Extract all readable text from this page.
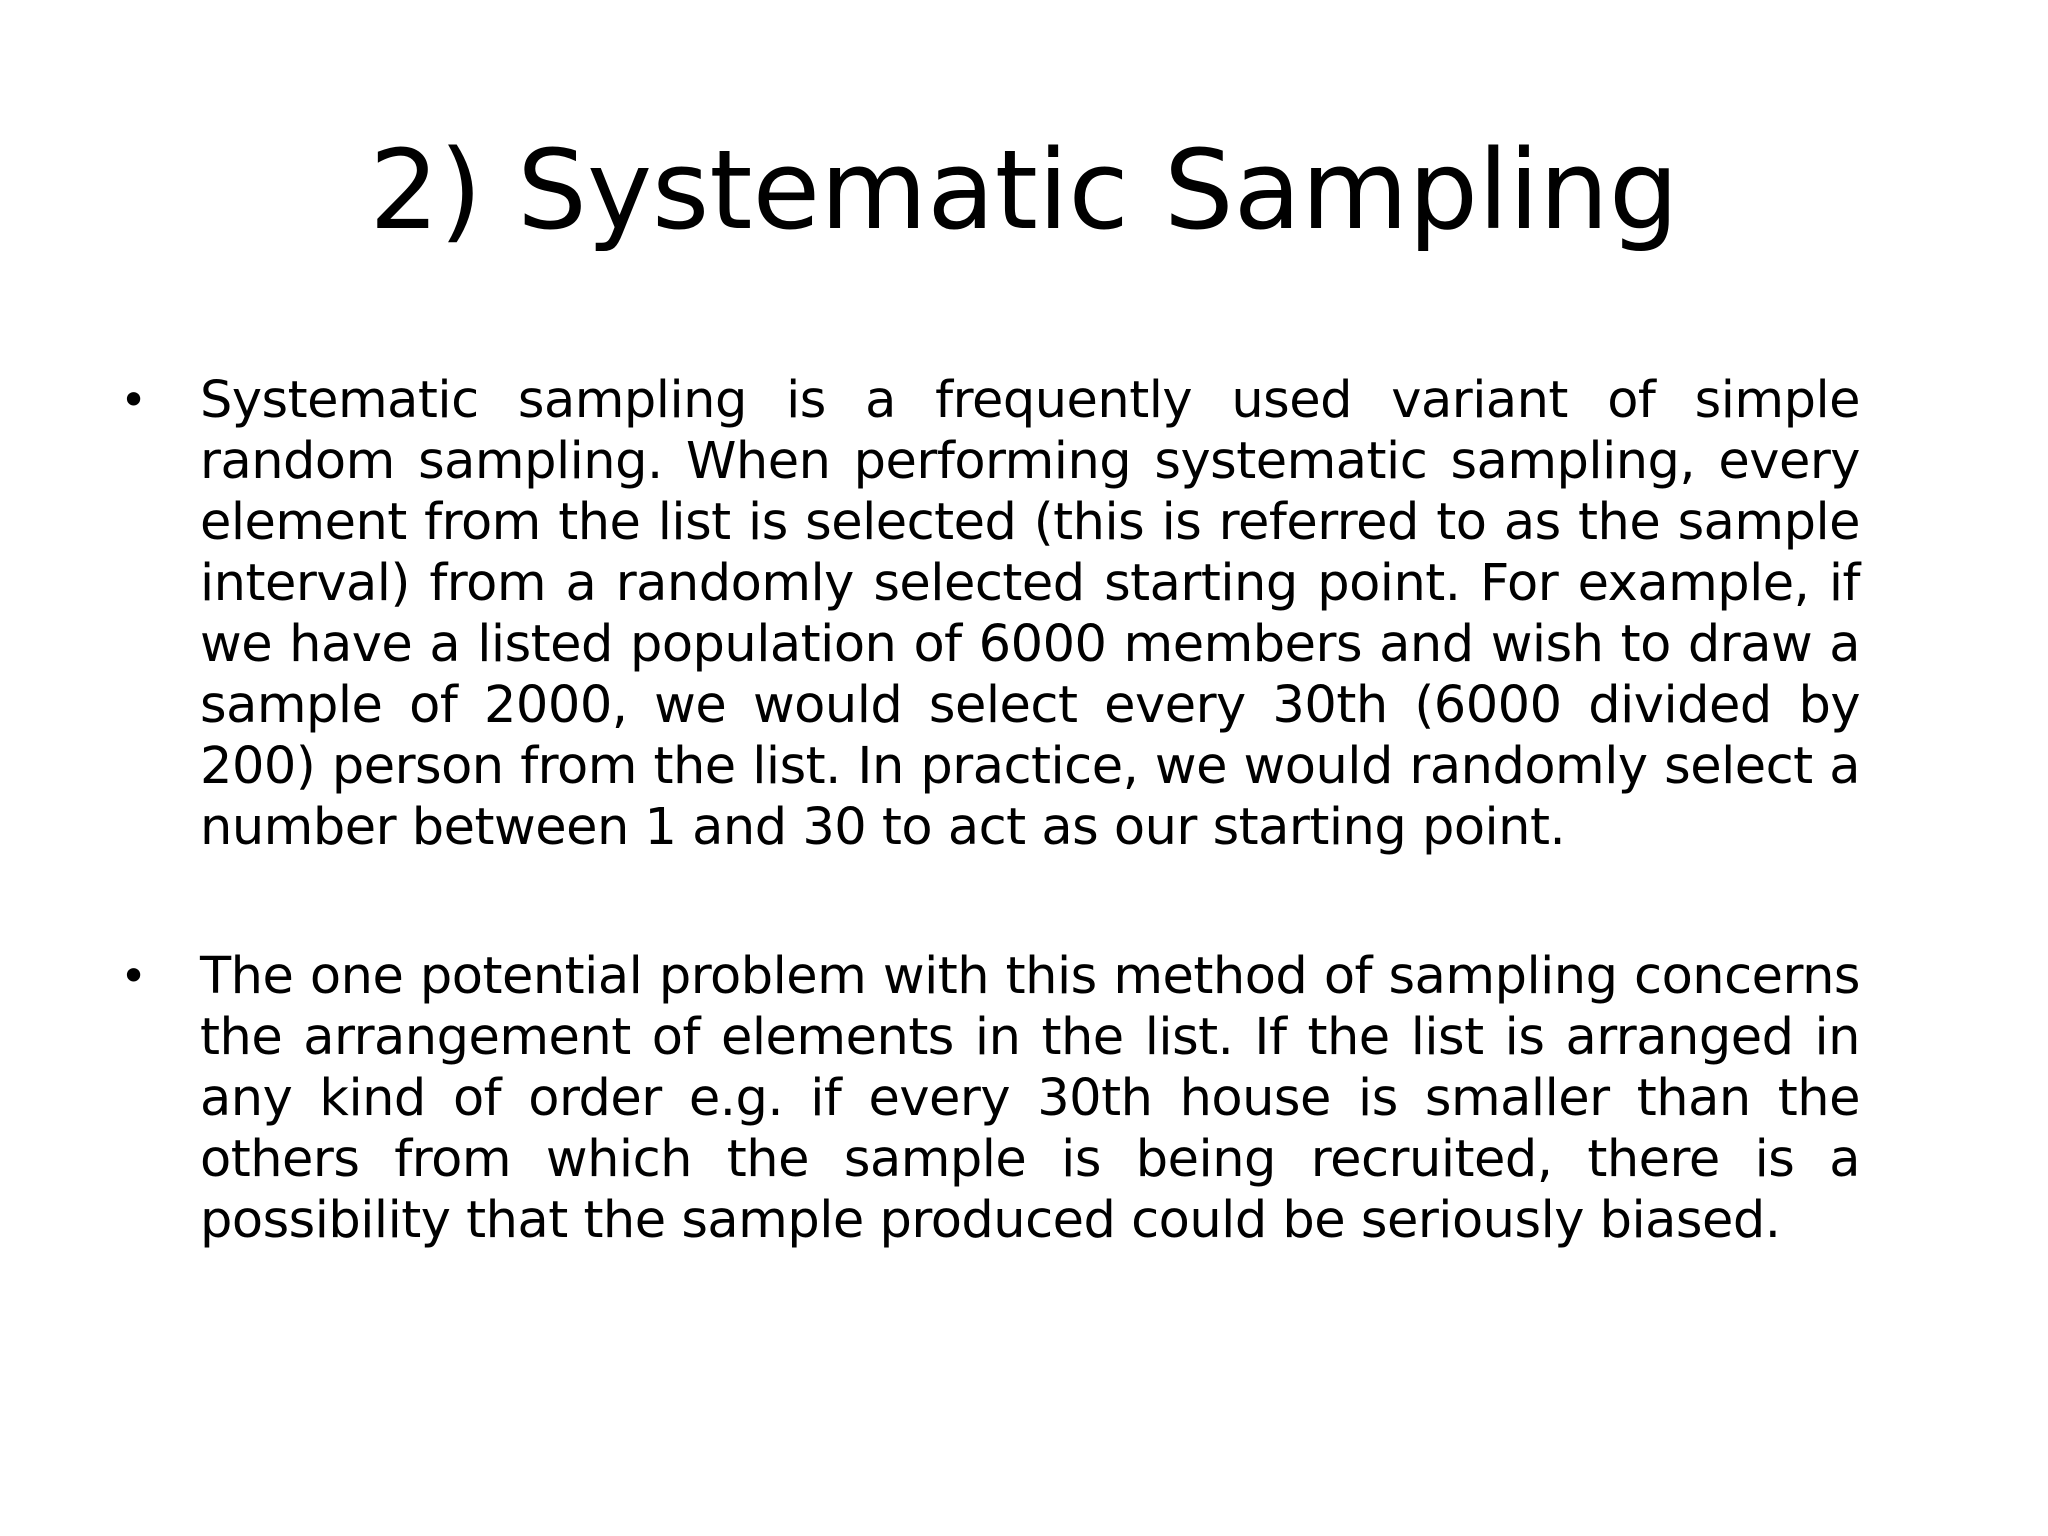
2) Systematic Sampling
•	Systematic sampling is a frequently used variant of simple random sampling. When performing systematic sampling, every element from the list is selected (this is referred to as the sample interval) from a randomly selected starting point. For example, if we have a listed population of 6000 members and wish to draw a sample of 2000, we would select every 30th (6000 divided by 200) person from the list. In practice, we would randomly select a number between 1 and 30 to act as our starting point.

•	The one potential problem with this method of sampling concerns the arrangement of elements in the list. If the list is arranged in any kind of order e.g. if every 30th house is smaller than the others from which the sample is being recruited, there is a possibility that the sample produced could be seriously biased.
